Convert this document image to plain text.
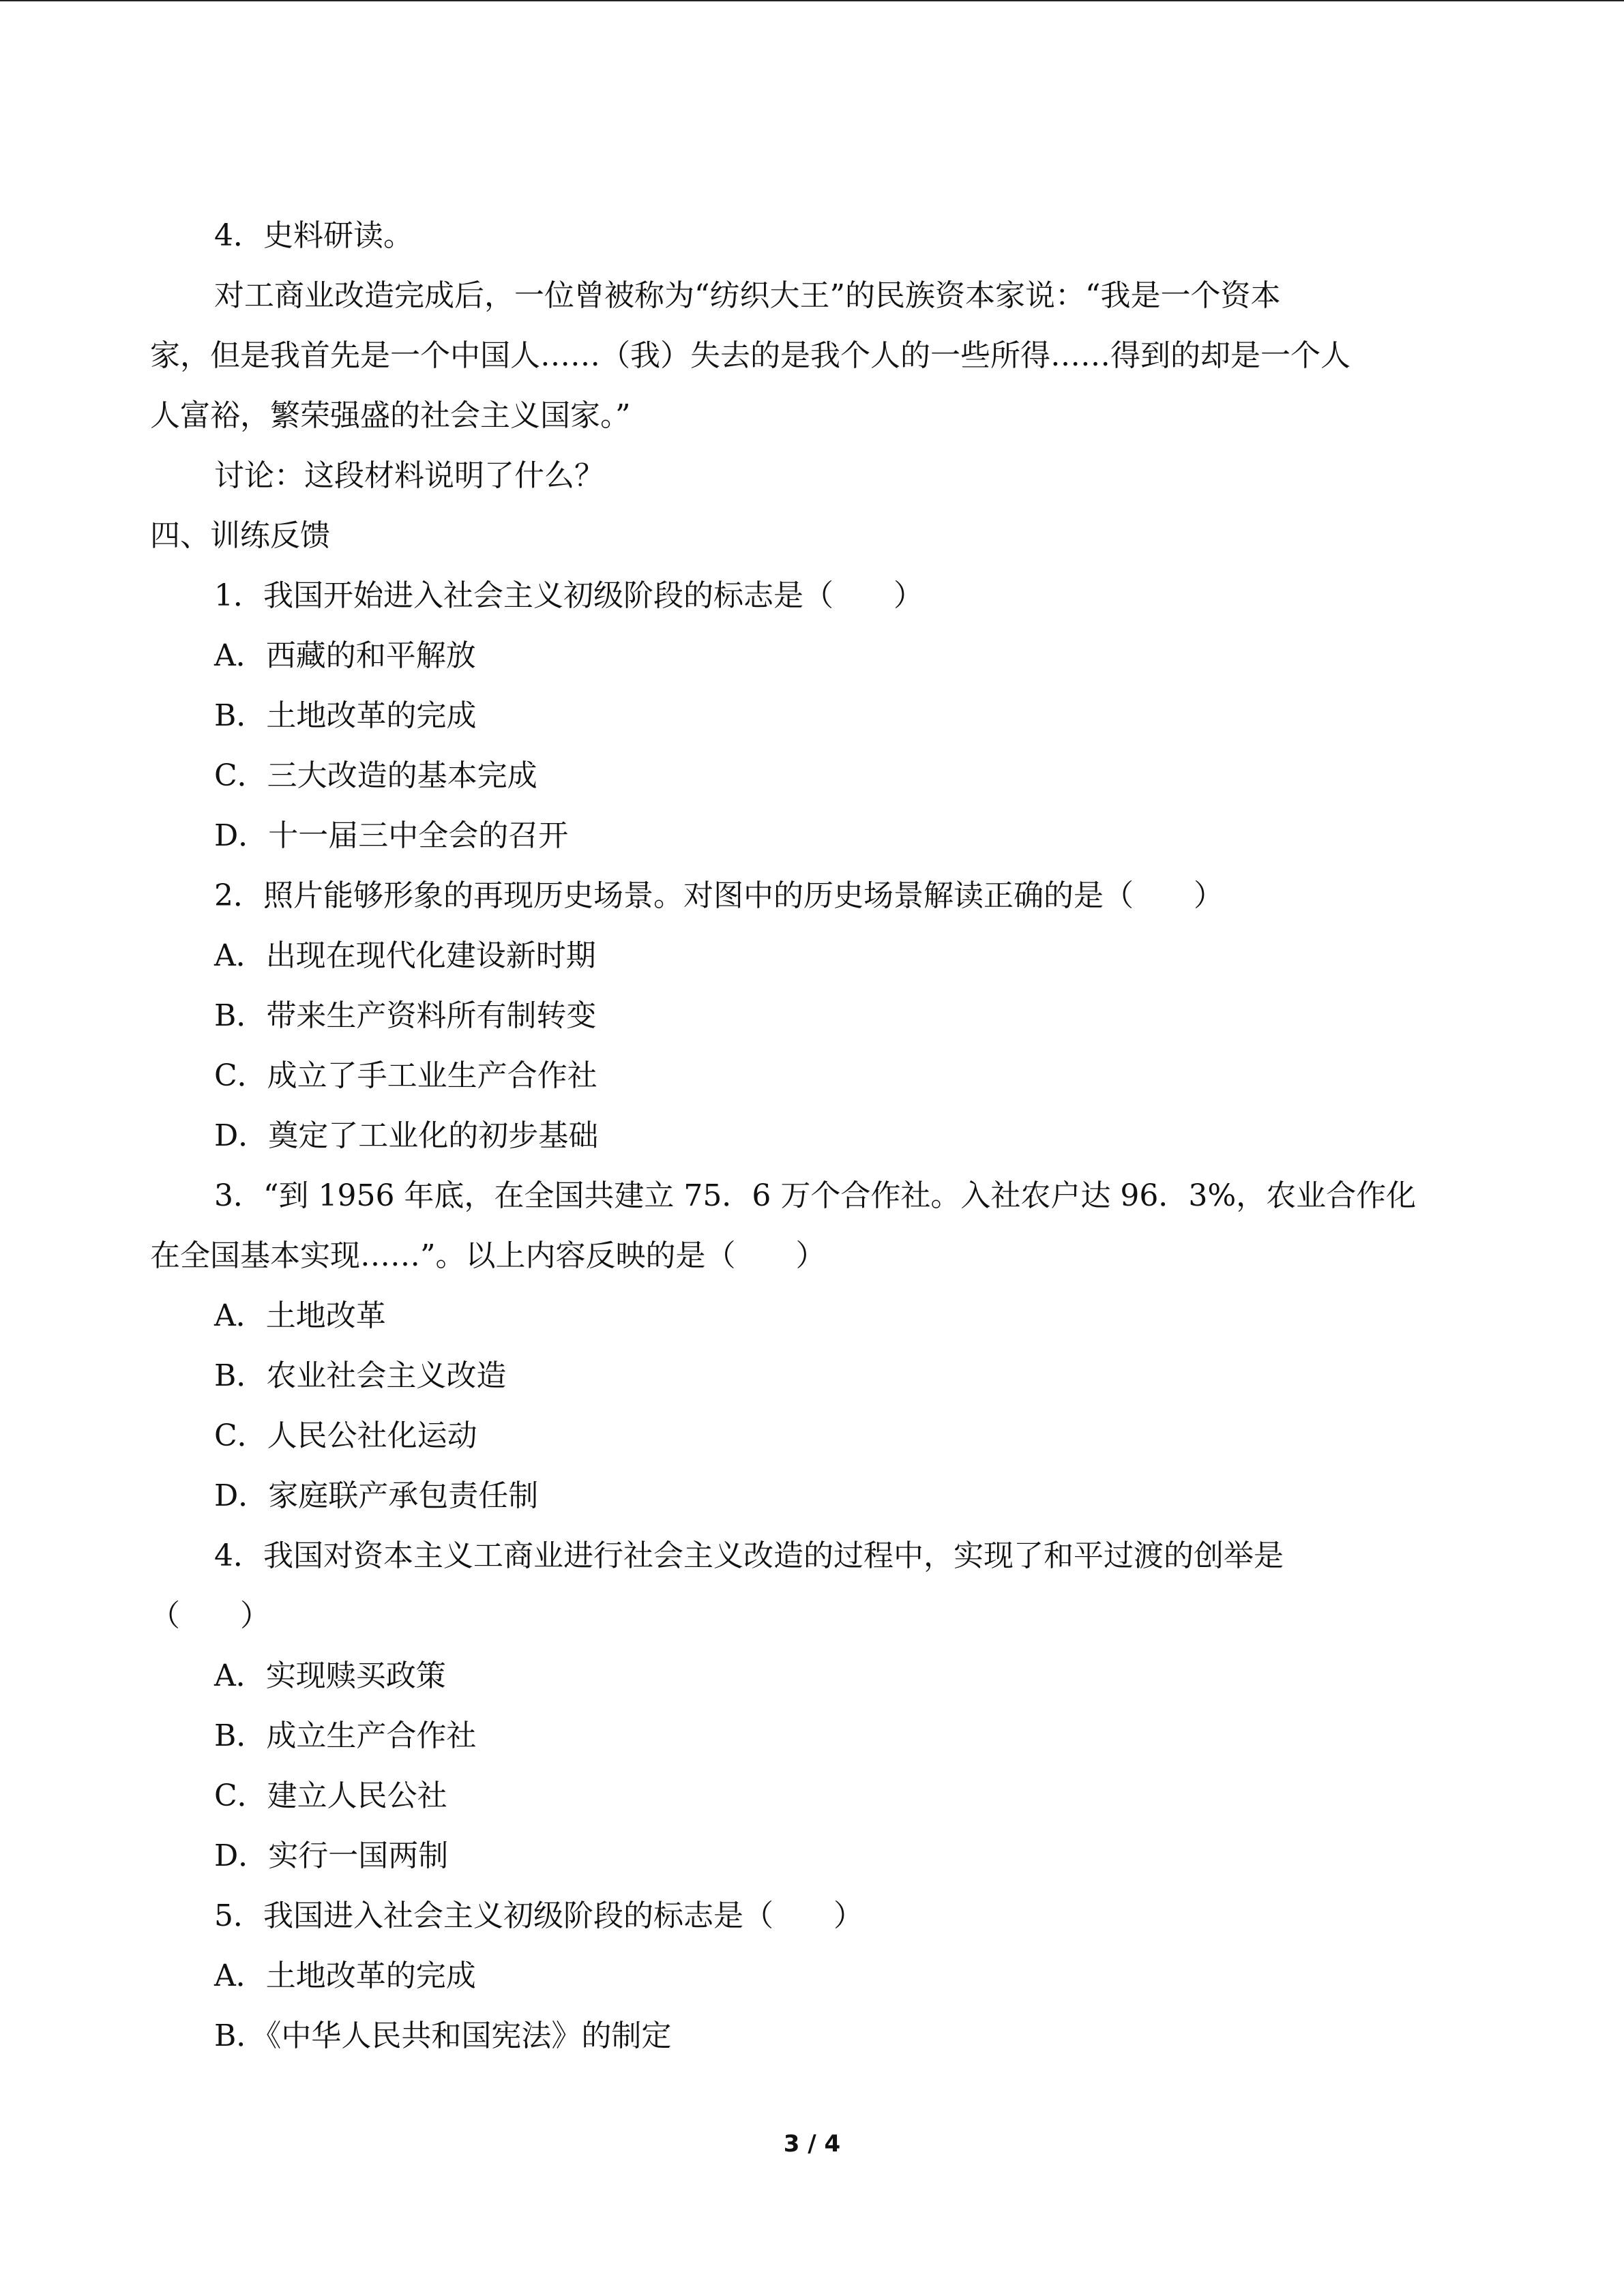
4．史料研读。

对工商业改造完成后，一位曾被称为“纺织大王”的民族资本家说：“我是一个资本

家，但是我首先是一个中国人……（我）失去的是我个人的一些所得……得到的却是一个人

人富裕，繁荣强盛的社会主义国家。”

讨论：这段材料说明了什么？

四、训练反馈

1．我国开始进入社会主义初级阶段的标志是（　　）

A．西藏的和平解放

B．土地改革的完成

C．三大改造的基本完成

D．十一届三中全会的召开

2．照片能够形象的再现历史场景。对图中的历史场景解读正确的是（　　）

A．出现在现代化建设新时期

B．带来生产资料所有制转变

C．成立了手工业生产合作社

D．奠定了工业化的初步基础

3．“到 1956 年底，在全国共建立 75．6 万个合作社。入社农户达 96．3%，农业合作化

在全国基本实现……”。以上内容反映的是（　　）

A．土地改革

B．农业社会主义改造

C．人民公社化运动

D．家庭联产承包责任制

4．我国对资本主义工商业进行社会主义改造的过程中，实现了和平过渡的创举是

（　　）

A．实现赎买政策

B．成立生产合作社

C．建立人民公社

D．实行一国两制

5．我国进入社会主义初级阶段的标志是（　　）

A．土地改革的完成

B．《中华人民共和国宪法》的制定

3 / 4
